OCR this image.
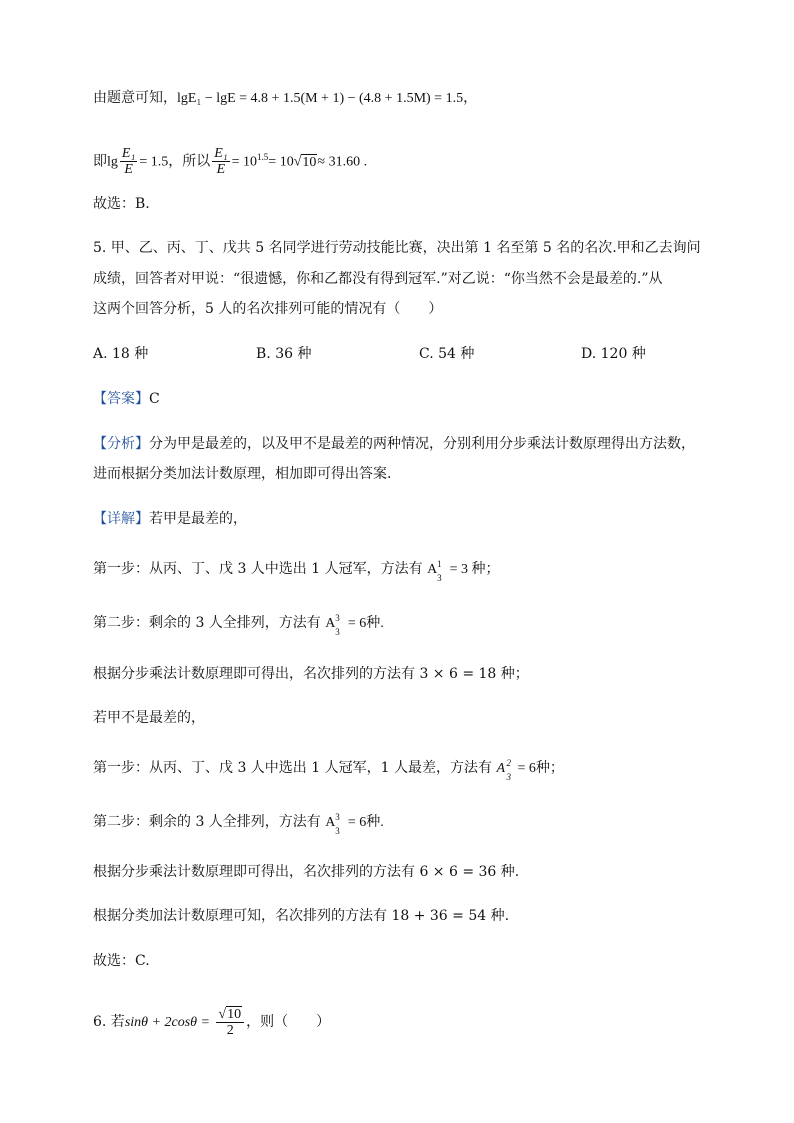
由题意可知，lgE₁ − lgE = 4.8 + 1.5(M + 1) − (4.8 + 1.5M) = 1.5，
即$\lg \frac{\text{E₁}}{E} = 1.5$，所以 $\frac{\text{E₁}}{E} = 10^{1.5}= 10√10\approx 31.60$ .
故选：B.
5. 甲、乙、丙、丁、戊共 5 名同学进行劳动技能比赛，决出第 1 名至第 5 名的名次.甲和乙去询问
成绩，回答者对甲说：“很遗憾，你和乙都没有得到冠军.”对乙说：“你当然不会是最差的.”从
这两个回答分析，5 人的名次排列可能的情况有（　　）
A. 18 种	B. 36 种	C. 54 种	D. 120 种
【答案】C
【分析】分为甲是最差的，以及甲不是最差的两种情况，分别利用分步乘法计数原理得出方法数，
进而根据分类加法计数原理，相加即可得出答案.
【详解】若甲是最差的，
第一步：从丙、丁、戊 3 人中选出 1 人冠军，方法有 A 1
3
= 3 种；
第二步：剩余的 3 人全排列，方法有 A 3
3
= 6种.
根据分步乘法计数原理即可得出，名次排列的方法有 3 × 6 = 18 种；
若甲不是最差的，
第一步：从丙、丁、戊 3 人中选出 1 人冠军，1 人最差，方法有 A 2
3
= 6种；
第二步：剩余的 3 人全排列，方法有 A 3
3
= 6种.
根据分步乘法计数原理即可得出，名次排列的方法有 6 × 6 = 36 种.
根据分类加法计数原理可知，名次排列的方法有 18 + 36 = 54 种.
故选：C.
6. 若$\sin\theta + 2\cos\theta = \frac{√10}{2}$ ，则（　　）
